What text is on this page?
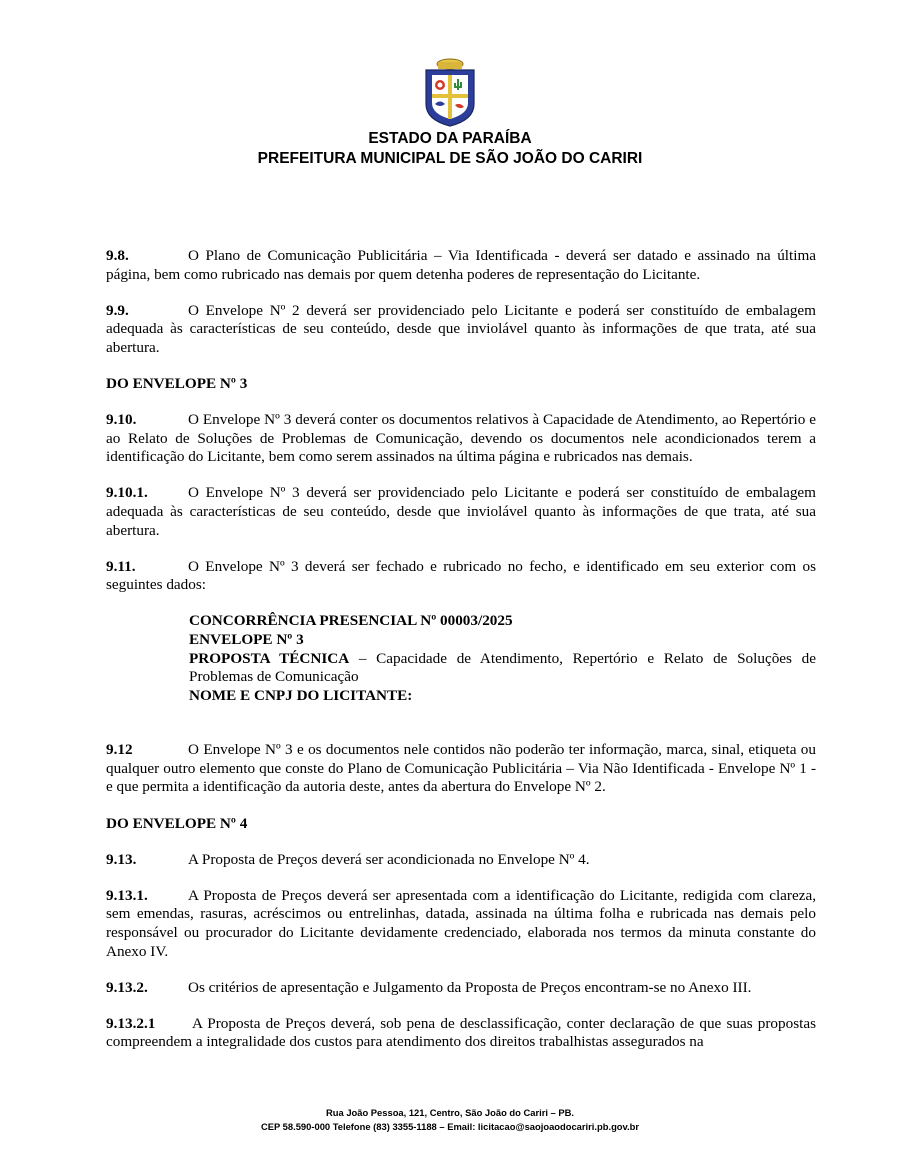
ESTADO DA PARAÍBA
PREFEITURA MUNICIPAL DE SÃO JOÃO DO CARIRI

9.8.	O Plano de Comunicação Publicitária – Via Identificada - deverá ser datado e assinado na última página, bem como rubricado nas demais por quem detenha poderes de representação do Licitante.

9.9.	O Envelope Nº 2 deverá ser providenciado pelo Licitante e poderá ser constituído de embalagem adequada às características de seu conteúdo, desde que inviolável quanto às informações de que trata, até sua abertura.

DO ENVELOPE Nº 3

9.10.	O Envelope Nº 3 deverá conter os documentos relativos à Capacidade de Atendimento, ao Repertório e ao Relato de Soluções de Problemas de Comunicação, devendo os documentos nele acondicionados terem a identificação do Licitante, bem como serem assinados na última página e rubricados nas demais.

9.10.1.	O Envelope Nº 3 deverá ser providenciado pelo Licitante e poderá ser constituído de embalagem adequada às características de seu conteúdo, desde que inviolável quanto às informações de que trata, até sua abertura.

9.11.	O Envelope Nº 3 deverá ser fechado e rubricado no fecho, e identificado em seu exterior com os seguintes dados:

CONCORRÊNCIA PRESENCIAL Nº 00003/2025
ENVELOPE Nº 3
PROPOSTA TÉCNICA – Capacidade de Atendimento, Repertório e Relato de Soluções de Problemas de Comunicação
NOME E CNPJ DO LICITANTE:

9.12	O Envelope Nº 3 e os documentos nele contidos não poderão ter informação, marca, sinal, etiqueta ou qualquer outro elemento que conste do Plano de Comunicação Publicitária – Via Não Identificada - Envelope Nº 1 - e que permita a identificação da autoria deste, antes da abertura do Envelope Nº 2.

DO ENVELOPE Nº 4

9.13.	A Proposta de Preços deverá ser acondicionada no Envelope Nº 4.

9.13.1.	A Proposta de Preços deverá ser apresentada com a identificação do Licitante, redigida com clareza, sem emendas, rasuras, acréscimos ou entrelinhas, datada, assinada na última folha e rubricada nas demais pelo responsável ou procurador do Licitante devidamente credenciado, elaborada nos termos da minuta constante do Anexo IV.

9.13.2.	Os critérios de apresentação e Julgamento da Proposta de Preços encontram-se no Anexo III.

9.13.2.1 A Proposta de Preços deverá, sob pena de desclassificação, conter declaração de que suas propostas compreendem a integralidade dos custos para atendimento dos direitos trabalhistas assegurados na

Rua João Pessoa, 121, Centro, São João do Cariri – PB.
CEP 58.590-000 Telefone (83) 3355-1188 – Email: licitacao@saojoaodocariri.pb.gov.br
